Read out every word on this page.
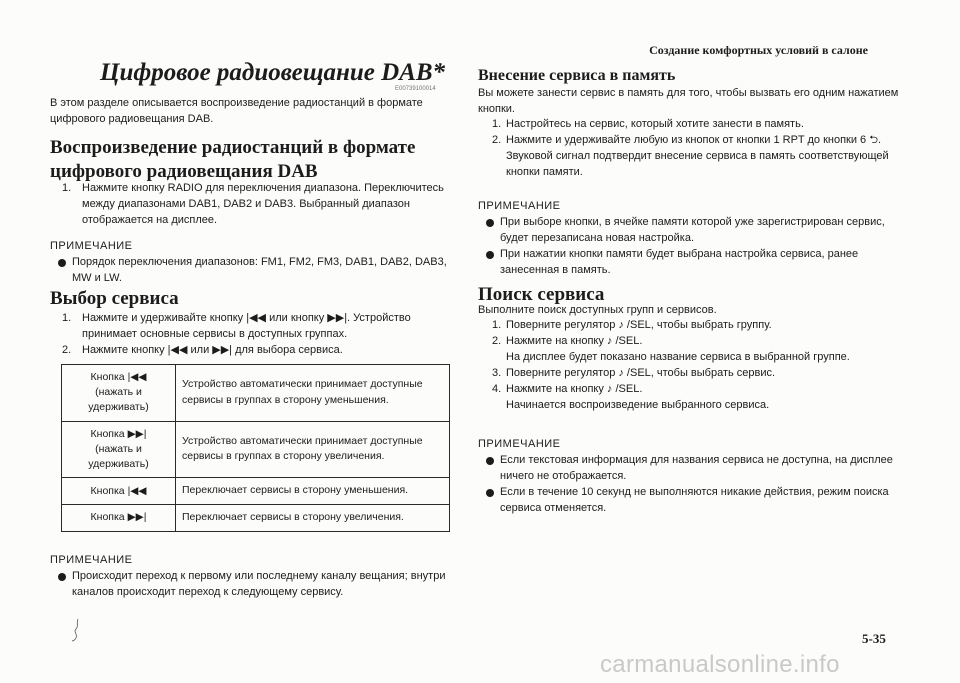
Создание комфортных условий в салоне
Цифровое радиовещание DAB*
E00739100014

В этом разделе описывается воспроизведение радиостанций в формате цифрового радиовещания DAB.

Воспроизведение радиостанций в формате цифрового радиовещания DAB
1. Нажмите кнопку RADIO для переключения диапазона. Переключитесь между диапазонами DAB1, DAB2 и DAB3. Выбранный диапазон отображается на дисплее.
ПРИМЕЧАНИЕ
Порядок переключения диапазонов: FM1, FM2, FM3, DAB1, DAB2, DAB3, MW и LW.
Выбор сервиса
1. Нажмите и удерживайте кнопку |◀◀ или кнопку ▶▶|. Устройство принимает основные сервисы в доступных группах.
2. Нажмите кнопку |◀◀ или ▶▶| для выбора сервиса.
Кнопка |◀◀
(нажать и
удерживать)	Устройство автоматически принимает доступные сервисы в группах в сторону уменьшения.

Кнопка ▶▶|
(нажать и
удерживать)	Устройство автоматически принимает доступные сервисы в группах в сторону увеличения.

Кнопка |◀◀	Переключает сервисы в сторону уменьшения.

Кнопка ▶▶|	Переключает сервисы в сторону увеличения.
ПРИМЕЧАНИЕ
Происходит переход к первому или последнему каналу вещания; внутри каналов происходит переход к следующему сервису.
Внесение сервиса в память

Вы можете занести сервис в память для того, чтобы вызвать его одним нажатием кнопки.

1. Настройтесь на сервис, который хотите занести в память.
2. Нажмите и удерживайте любую из кнопок от кнопки 1 RPT до кнопки 6 ⮌.
Звуковой сигнал подтвердит внесение сервиса в память соответствующей кнопки памяти.
ПРИМЕЧАНИЕ
При выборе кнопки, в ячейке памяти которой уже зарегистрирован сервис, будет перезаписана новая настройка.
При нажатии кнопки памяти будет выбрана настройка сервиса, ранее занесенная в память.
Поиск сервиса

Выполните поиск доступных групп и сервисов.

1. Поверните регулятор ♪ /SEL, чтобы выбрать группу.
2. Нажмите на кнопку ♪ /SEL.
На дисплее будет показано название сервиса в выбранной группе.
3. Поверните регулятор ♪ /SEL, чтобы выбрать сервис.
4. Нажмите на кнопку ♪ /SEL.
Начинается воспроизведение выбранного сервиса.
ПРИМЕЧАНИЕ
Если текстовая информация для названия сервиса не доступна, на дисплее ничего не отображается.
Если в течение 10 секунд не выполняются никакие действия, режим поиска сервиса отменяется.
5-35
carmanualsonline.info
